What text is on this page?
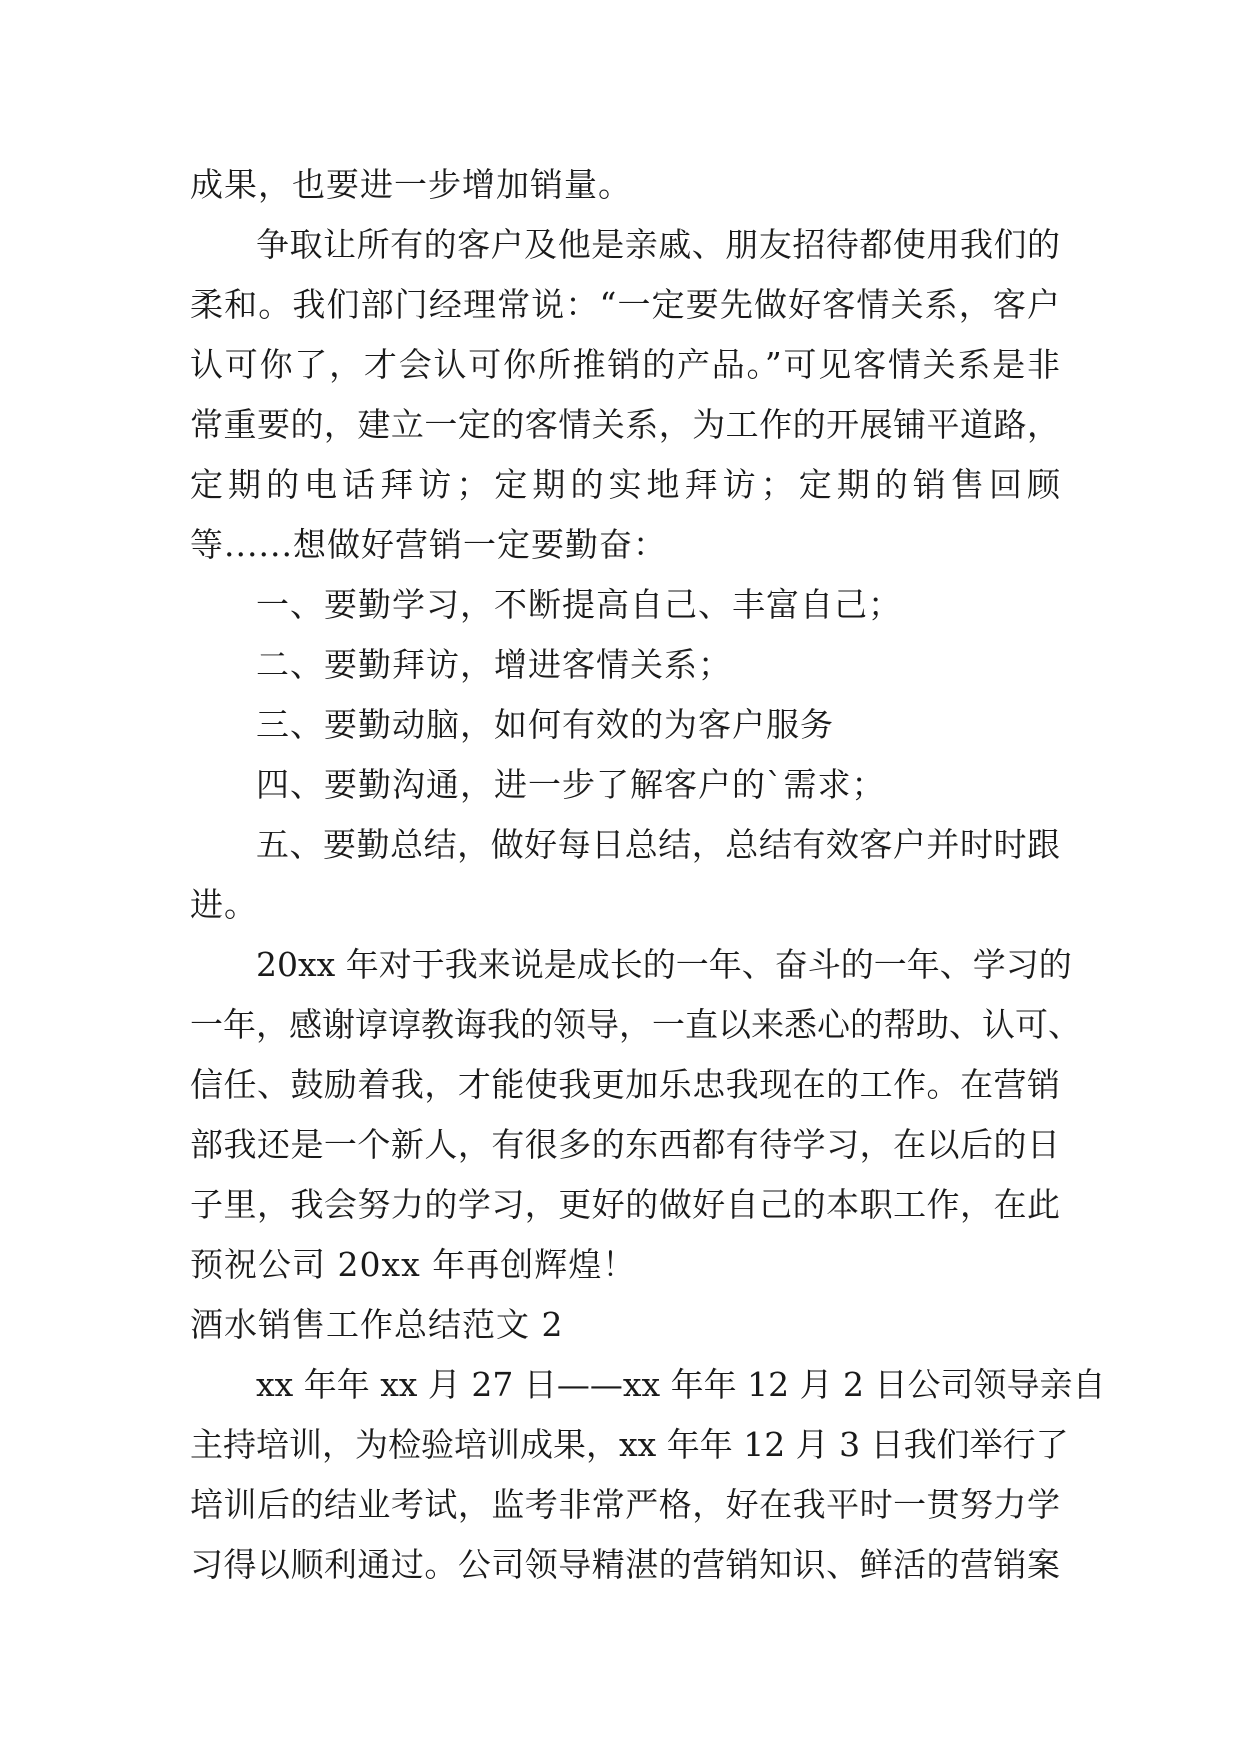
成果，也要进一步增加销量。
争取让所有的客户及他是亲戚、朋友招待都使用我们的
柔和。我们部门经理常说：“一定要先做好客情关系，客户
认可你了，才会认可你所推销的产品。”可见客情关系是非
常重要的，建立一定的客情关系，为工作的开展铺平道路，
定期的电话拜访；定期的实地拜访；定期的销售回顾
等......想做好营销一定要勤奋：
一、要勤学习，不断提高自己、丰富自己；
二、要勤拜访，增进客情关系；
三、要勤动脑，如何有效的为客户服务
四、要勤沟通，进一步了解客户的`需求；
五、要勤总结，做好每日总结，总结有效客户并时时跟
进。
20xx 年对于我来说是成长的一年、奋斗的一年、学习的
一年，感谢谆谆教诲我的领导，一直以来悉心的帮助、认可、
信任、鼓励着我，才能使我更加乐忠我现在的工作。在营销
部我还是一个新人，有很多的东西都有待学习，在以后的日
子里，我会努力的学习，更好的做好自己的本职工作，在此
预祝公司 20xx 年再创辉煌！
酒水销售工作总结范文 2
xx 年年 xx 月 27 日——xx 年年 12 月 2 日公司领导亲自
主持培训，为检验培训成果，xx 年年 12 月 3 日我们举行了
培训后的结业考试，监考非常严格，好在我平时一贯努力学
习得以顺利通过。公司领导精湛的营销知识、鲜活的营销案
